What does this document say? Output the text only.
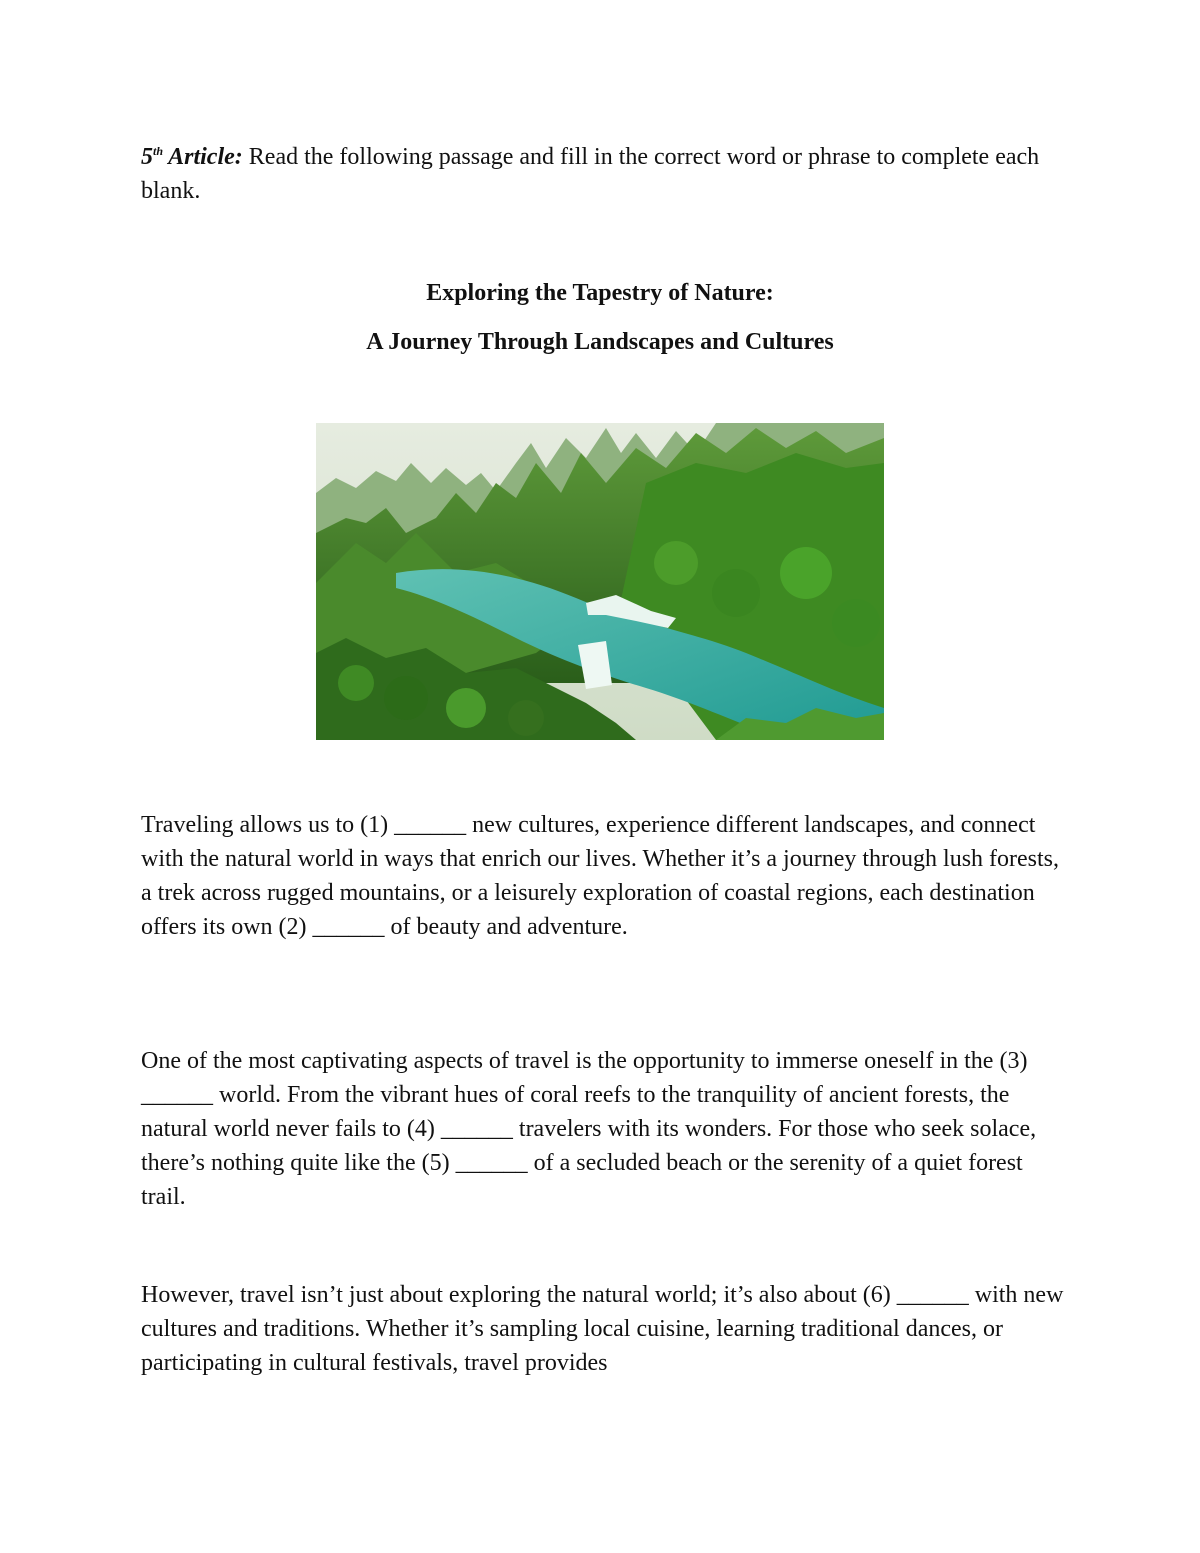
5th Article: Read the following passage and fill in the correct word or phrase to complete each blank.

Exploring the Tapestry of Nature:
A Journey Through Landscapes and Cultures

Traveling allows us to (1) ______ new cultures, experience different landscapes, and connect with the natural world in ways that enrich our lives. Whether it’s a journey through lush forests, a trek across rugged mountains, or a leisurely exploration of coastal regions, each destination offers its own (2) ______ of beauty and adventure.

One of the most captivating aspects of travel is the opportunity to immerse oneself in the (3) ______ world. From the vibrant hues of coral reefs to the tranquility of ancient forests, the natural world never fails to (4) ______ travelers with its wonders. For those who seek solace, there’s nothing quite like the (5) ______ of a secluded beach or the serenity of a quiet forest trail.

However, travel isn’t just about exploring the natural world; it’s also about (6) ______ with new cultures and traditions. Whether it’s sampling local cuisine, learning traditional dances, or participating in cultural festivals, travel provides
